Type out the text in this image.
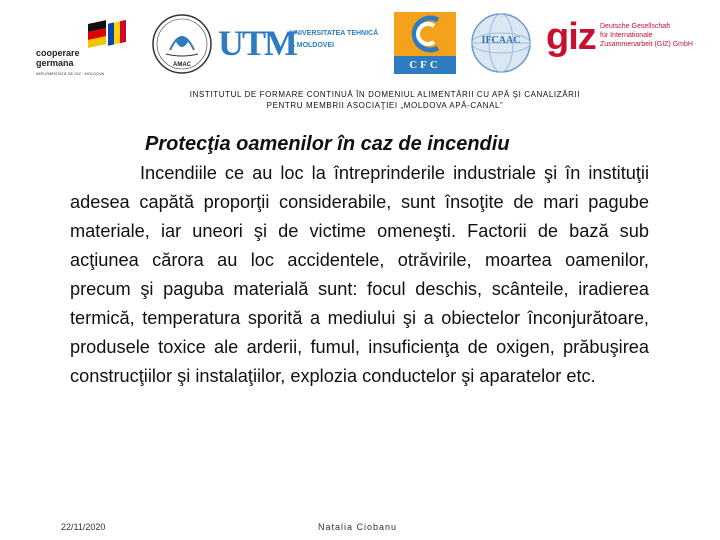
cooperare
germana
IMPLEMENTATĂ DE GIZ · MOLDOVA
AMAC
UTM
UNIVERSITATEA TEHNICĂ
A MOLDOVEI
CFC
IFCAAC giz Deutsche Gesellschaft
für Internationale
Zusammenarbeit (GIZ) GmbH
INSTITUTUL DE FORMARE CONTINUĂ ÎN DOMENIUL ALIMENTĂRII CU APĂ ŞI CANALIZĂRII
PENTRU MEMBRII ASOCIAŢIEI „MOLDOVA APĂ-CANAL”
Protecţia oamenilor în caz de incendiu
Incendiile ce au loc la întreprinderile industriale şi în instituţii adesea capătă proporţii considerabile, sunt însoţite de mari pagube materiale, iar uneori şi de victime omeneşti. Factorii de bază sub acţiunea cărora au loc accidentele, otrăvirile, moartea oamenilor, precum şi paguba materială sunt: focul deschis, scânteile, iradierea termică, temperatura sporită a mediului şi a obiectelor înconjurătoare, produsele toxice ale arderii, fumul, insuficienţa de oxigen, prăbuşirea construcţiilor şi instalaţiilor, explozia conductelor şi aparatelor etc.
22/11/2020	Natalia Ciobanu
